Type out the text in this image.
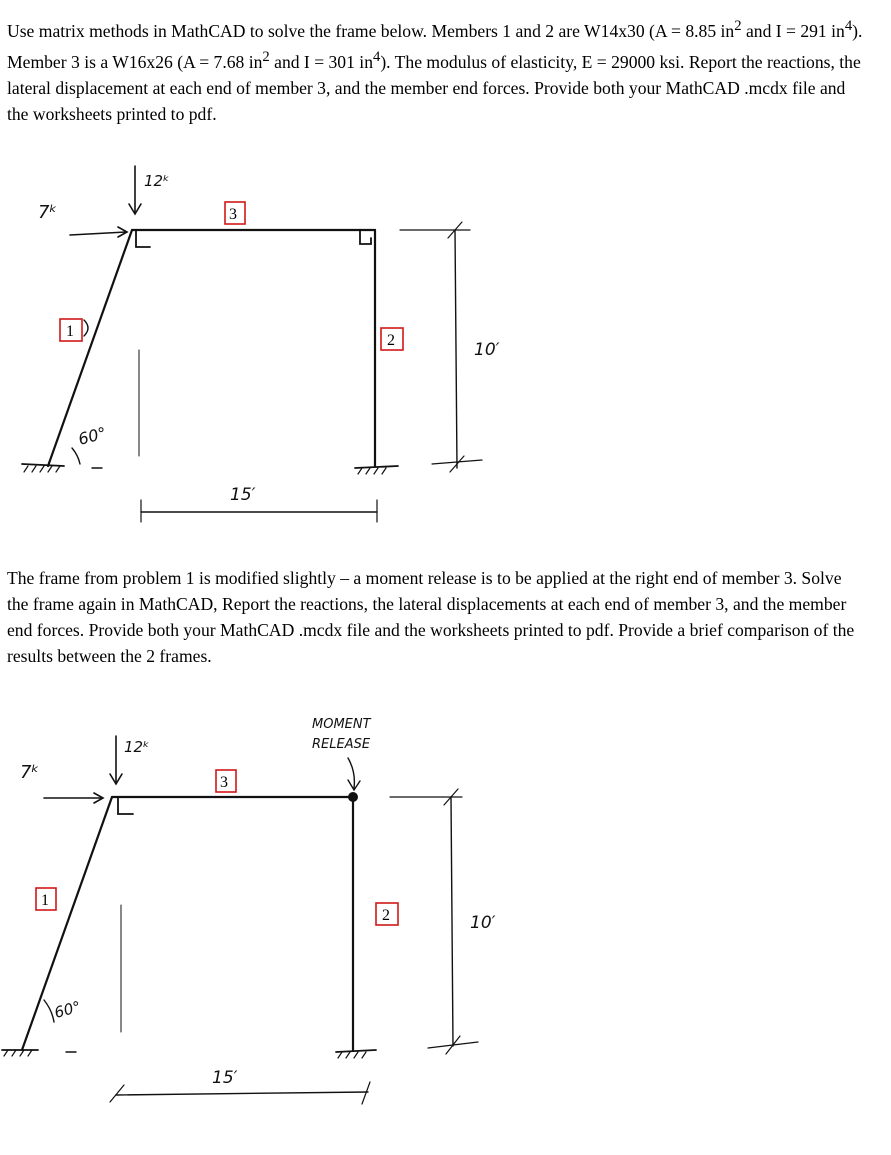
Use matrix methods in MathCAD to solve the frame below. Members 1 and 2 are W14x30 (A = 8.85 $in^2$ and I = 291 $in^4$). Member 3 is a W16x26 (A = 7.68 $in^2$ and I = 301 $in^4$). The modulus of elasticity, E = 29000 ksi. Report the reactions, the lateral displacement at each end of member 3, and the member end forces. Provide both your MathCAD .mcdx file and the worksheets printed to pdf.

60°
7ᵏ
12ᵏ
3
1
2	10′
15′

The frame from problem 1 is modified slightly – a moment release is to be applied at the right end of member 3. Solve the frame again in MathCAD, Report the reactions, the lateral displacements at each end of member 3, and the member end forces. Provide both your MathCAD .mcdx file and the worksheets printed to pdf. Provide a brief comparison of the results between the 2 frames.

MOMENT
RELEASE
60°
7ᵏ
12ᵏ
3
1
2	10′
15′
